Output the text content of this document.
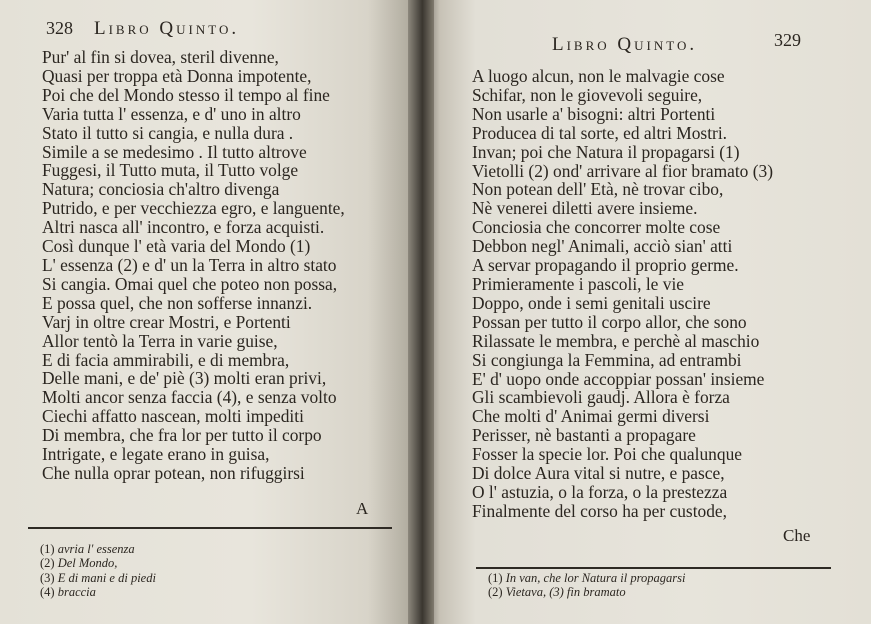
328 Libro Quinto.
Pur' al fin si dovea, steril divenne,
Quasi per troppa età Donna impotente,
Poi che del Mondo stesso il tempo al fine
Varia tutta l' essenza, e d' uno in altro
Stato il tutto si cangia, e nulla dura .
Simile a se medesimo . Il tutto altrove
Fuggesi, il Tutto muta, il Tutto volge
Natura; conciosia ch'altro divenga
Putrido, e per vecchiezza egro, e languente,
Altri nasca all' incontro, e forza acquisti.
Così dunque l' età varia del Mondo (1)
L' essenza (2) e d' un la Terra in altro stato
Si cangia. Omai quel che poteo non possa,
E possa quel, che non sofferse innanzi.
Varj in oltre crear Mostri, e Portenti
Allor tentò la Terra in varie guise,
E di facia ammirabili, e di membra,
Delle mani, e de' piè (3) molti eran privi,
Molti ancor senza faccia (4), e senza volto
Ciechi affatto nascean, molti impediti
Di membra, che fra lor per tutto il corpo
Intrigate, e legate erano in guisa,
Che nulla oprar potean, non rifuggirsi
A
(1) avria l' essenza
(2) Del Mondo,
(3) E di mani e di piedi
(4) braccia
Libro Quinto.	329
A luogo alcun, non le malvagie cose
Schifar, non le giovevoli seguire,
Non usarle a' bisogni: altri Portenti
Producea di tal sorte, ed altri Mostri.
Invan; poi che Natura il propagarsi (1)
Vietolli (2) ond' arrivare al fior bramato (3)
Non potean dell' Età, nè trovar cibo,
Nè venerei diletti avere insieme.
Conciosia che concorrer molte cose
Debbon negl' Animali, acciò sian' atti
A servar propagando il proprio germe.
Primieramente i pascoli, le vie
Doppo, onde i semi genitali uscire
Possan per tutto il corpo allor, che sono
Rilassate le membra, e perchè al maschio
Si congiunga la Femmina, ad entrambi
E' d' uopo onde accoppiar possan' insieme
Gli scambievoli gaudj. Allora è forza
Che molti d' Animai germi diversi
Perisser, nè bastanti a propagare
Fosser la specie lor. Poi che qualunque
Di dolce Aura vital si nutre, e pasce,
O l' astuzia, o la forza, o la prestezza
Finalmente del corso ha per custode,
Che
(1) In van, che lor Natura il propagarsi
(2) Vietava, (3) fin bramato
